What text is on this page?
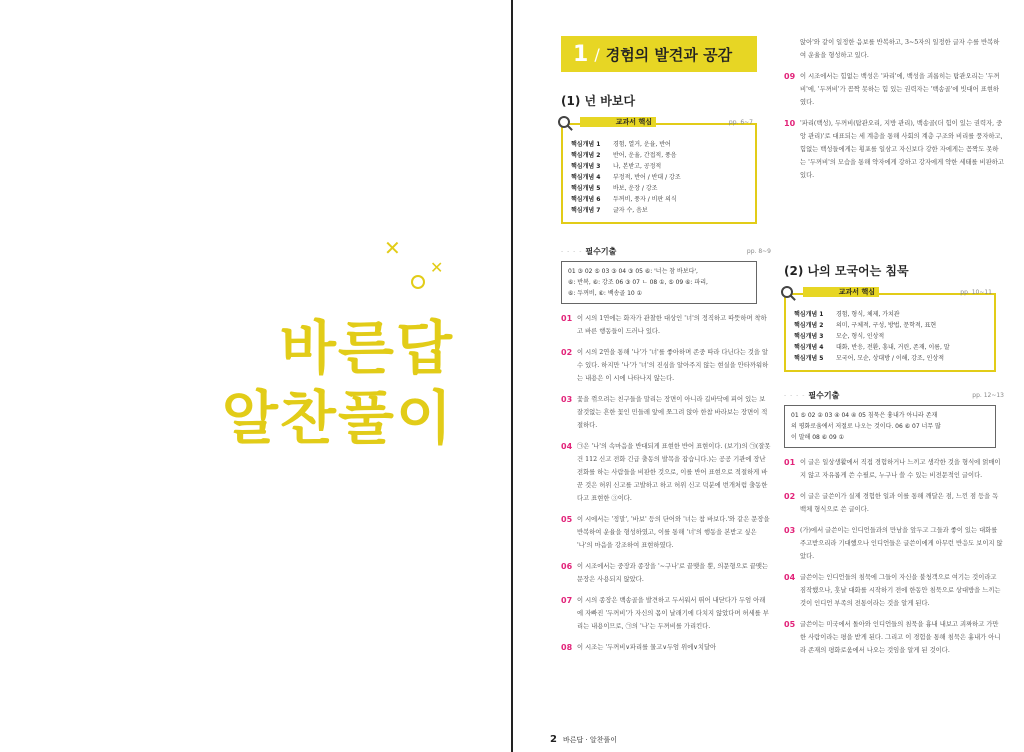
✕
✕
바른답
알찬풀이
1 / 경험의 발견과 공감
(1) 넌 바보다
교과서 핵심	pp. 6~7
핵심개념 1	경험, 열거, 운율, 반어
핵심개념 2	반어, 운율, 간접적, 풍음
핵심개념 3	나, 본받고, 공정적
핵심개념 4	부정적, 반어 / 반대 / 강조
핵심개념 5	바보, 운장 / 강조
핵심개념 6	두꺼비, 풍자 / 비판 의식
핵심개념 7	글자 수, 음보
- - - - 필수기출	pp. 8~9
01 ③ 02 ⑤ 03 ③ 04 ③ 05 ⑥: '너는 참 바보다',
⑥: 반복, ⑥: 강조 06 ③ 07 ㄴ 08 ①, ⑤ 09 ⑥: 파리,
⑥: 두꺼비, ⑥: 백송골 10 ①
01 이 시의 1연에는 화자가 관찰한 대상인 '너'의 정직하고 따뜻하며 착하고 바른 행동들이 드러나 있다.
02 이 시의 2연을 통해 '나'가 '너'를 좋아하며 존중 따라 다닌다는 것을 알 수 있다. 하지만 '나'가 '너'의 진심을 알아주지 않는 현실을 안타까워하는 내용은 이 시에 나타나지 않는다.
03 꽃을 꺾으려는 친구들을 말리는 장면이 아니라 길바닥에 피어 있는 보잘것없는 흔한 꽃인 민들레 앞에 쪼그려 앉아 한참 바라보는 장면이 적절하다.
04 ㉠은 '나'의 속마음을 반대되게 표현한 반어 표현이다. (보기)의 ㉠(잘못 건 112 신고 전화 긴급 출동의 발목을 잡습니다.)는 공공 기관에 장난 전화를 하는 사람들을 비판한 것으로, 이를 반어 표현으로 적절하게 바꾼 것은 허위 신고를 고발하고 하고 허위 신고 덕분에 번개처럼 출동한다고 표현한 ③이다.
05 이 시에서는 '정말', '바보' 등의 단어와 '너는 참 바보다.'와 같은 문장을 반복하여 운율을 형성하였고, 이를 통해 '너'의 행동을 본받고 싶은 '나'의 마음을 강조하여 표현하였다.
06 이 시조에서는 중장과 종장을 '~구나'로 끝맺을 뿐, 의문형으로 끝맺는 문장은 사용되지 않았다.
07 이 시의 종장은 백송골을 발견하고 두서워서 뛰어 내닫다가 두엄 아래에 자빠진 '두꺼비'가 자신의 몸이 날래기에 다치지 않았다며 허세를 부리는 내용이므로, ㉠의 '나'는 두꺼비를 가리킨다.
08 이 시조는 '두꺼비∨파리를 물고∨두엄 위에∨치달아
앉아'와 같이 일정한 음보를 반복하고, 3~5자의 일정한 글자 수를 반복하여 운율을 형성하고 있다.
09 이 시조에서는 힘없는 백성은 '파리'에, 백성을 괴롭히는 탐관오리는 '두꺼비'에, '두꺼비'가 꼼짝 못하는 힘 있는 권력자는 '백송골'에 빗대어 표현하였다.
10 '파리(백성), 두꺼비(탐관오리, 지방 관리), 백송골(더 힘이 있는 권력자, 중앙 관리)'로 대표되는 세 계층을 통해 사회의 계층 구조와 비리를 풍자하고, 힘없는 백성들에게는 횡포를 일삼고 자신보다 강한 자에게는 꼼짝도 못하는 '두꺼비'의 모습을 통해 약자에게 강하고 강자에게 약한 세태를 비판하고 있다.
(2) 나의 모국어는 침묵
교과서 핵심	pp. 10~11
핵심개념 1	경험, 형식, 체제, 가치관
핵심개념 2	의미, 구체적, 구성, 방법, 문학적, 표현
핵심개념 3	모순, 형식, 인상적
핵심개념 4	대화, 반응, 전환, 흥내, 거린, 존재, 이름, 말
핵심개념 5	모국어, 모순, 상대방 / 이해, 강조, 인상적
- - - - 필수기출	pp. 12~13
01 ⑤ 02 ② 03 ④ 04 ④ 05 침묵은 흉내가 아니라 존재
의 평화로움에서 저절로 나오는 것이다. 06 ⑥ 07 너무 많
이 말해 08 ⑥ 09 ①
01 이 글은 일상생활에서 직접 경험하거나 느끼고 생각한 것을 형식에 얽매이지 않고 자유롭게 쓴 수필로, 누구나 쓸 수 있는 비전문적인 글이다.
02 이 글은 글쓴이가 실제 경험한 일과 이를 통해 깨달은 점, 느낀 점 등을 독백체 형식으로 쓴 글이다.
03 (가)에서 글쓴이는 인디언들과의 만남을 앞두고 그들과 좋이 있는 대화를 주고받으리라 기대했으나 인디언들은 글쓴이에게 아무런 반응도 보이지 않았다.
04 글쓴이는 인디언들의 침묵에 그들이 자신을 불청객으로 여기는 것이라고 짐작했으나, 훗날 대화를 시작하기 전에 한동안 침묵으로 상대방을 느끼는 것이 인디언 부족의 전통이라는 것을 알게 된다.
05 글쓴이는 미국에서 돌아와 인디언들의 침묵을 흉내 내보고 괴짜하고 가만한 사람이라는 평을 받게 된다. 그리고 이 경험을 통해 침묵은 흉내가 아니라 존재의 평화로움에서 나오는 것임을 알게 된 것이다.
2 바른답 · 알찬풀이
